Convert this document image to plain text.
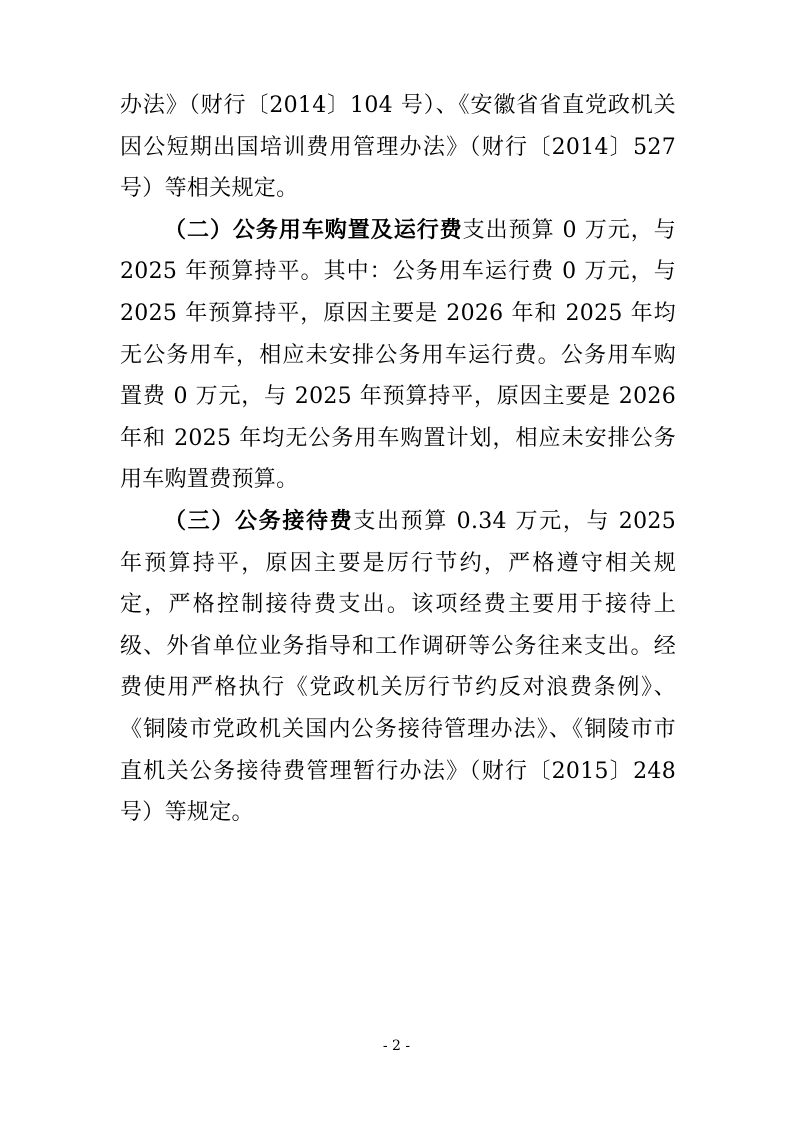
办法》（财行〔2014〕104 号）、《安徽省省直党政机关因公短期出国培训费用管理办法》（财行〔2014〕527 号）等相关规定。

（二）公务用车购置及运行费支出预算 0 万元，与 2025 年预算持平。其中：公务用车运行费 0 万元，与 2025 年预算持平，原因主要是 2026 年和 2025 年均无公务用车，相应未安排公务用车运行费。公务用车购置费 0 万元，与 2025 年预算持平，原因主要是 2026 年和 2025 年均无公务用车购置计划，相应未安排公务用车购置费预算。

（三）公务接待费支出预算 0.34 万元，与 2025 年预算持平，原因主要是厉行节约，严格遵守相关规定，严格控制接待费支出。该项经费主要用于接待上级、外省单位业务指导和工作调研等公务往来支出。经费使用严格执行《党政机关厉行节约反对浪费条例》、《铜陵市党政机关国内公务接待管理办法》、《铜陵市市直机关公务接待费管理暂行办法》（财行〔2015〕248 号）等规定。

- 2 -
